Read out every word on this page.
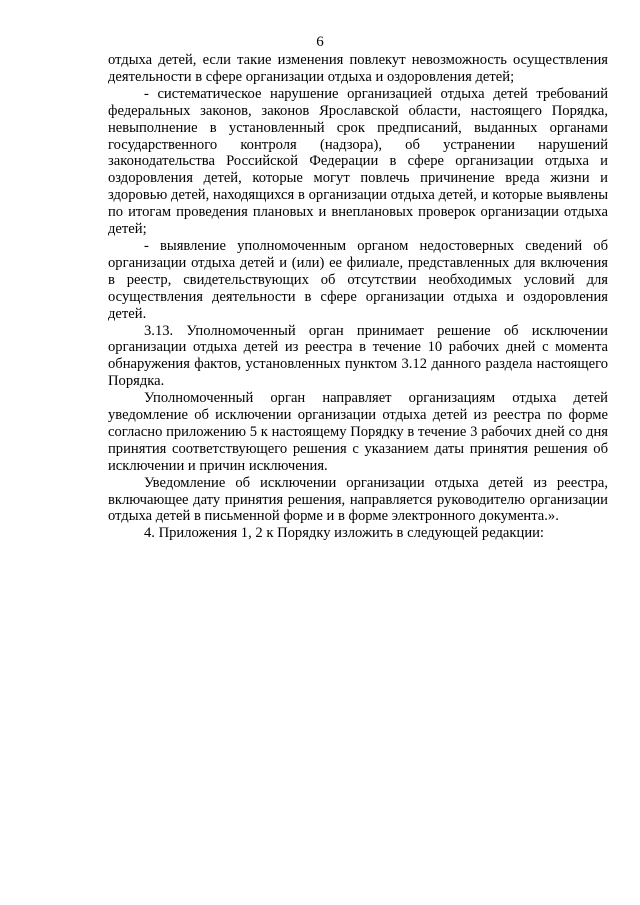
6

отдыха детей, если такие изменения повлекут невозможность осуществления деятельности в сфере организации отдыха и оздоровления детей;

- систематическое нарушение организацией отдыха детей требований федеральных законов, законов Ярославской области, настоящего Порядка, невыполнение в установленный срок предписаний, выданных органами государственного контроля (надзора), об устранении нарушений законодательства Российской Федерации в сфере организации отдыха и оздоровления детей, которые могут повлечь причинение вреда жизни и здоровью детей, находящихся в организации отдыха детей, и которые выявлены по итогам проведения плановых и внеплановых проверок организации отдыха детей;

- выявление уполномоченным органом недостоверных сведений об организации отдыха детей и (или) ее филиале, представленных для включения в реестр, свидетельствующих об отсутствии необходимых условий для осуществления деятельности в сфере организации отдыха и оздоровления детей.

3.13. Уполномоченный орган принимает решение об исключении организации отдыха детей из реестра в течение 10 рабочих дней с момента обнаружения фактов, установленных пунктом 3.12 данного раздела настоящего Порядка.

Уполномоченный орган направляет организациям отдыха детей уведомление об исключении организации отдыха детей из реестра по форме согласно приложению 5 к настоящему Порядку в течение 3 рабочих дней со дня принятия соответствующего решения с указанием даты принятия решения об исключении и причин исключения.

Уведомление об исключении организации отдыха детей из реестра, включающее дату принятия решения, направляется руководителю организации отдыха детей в письменной форме и в форме электронного документа.».

4. Приложения 1, 2 к Порядку изложить в следующей редакции:
